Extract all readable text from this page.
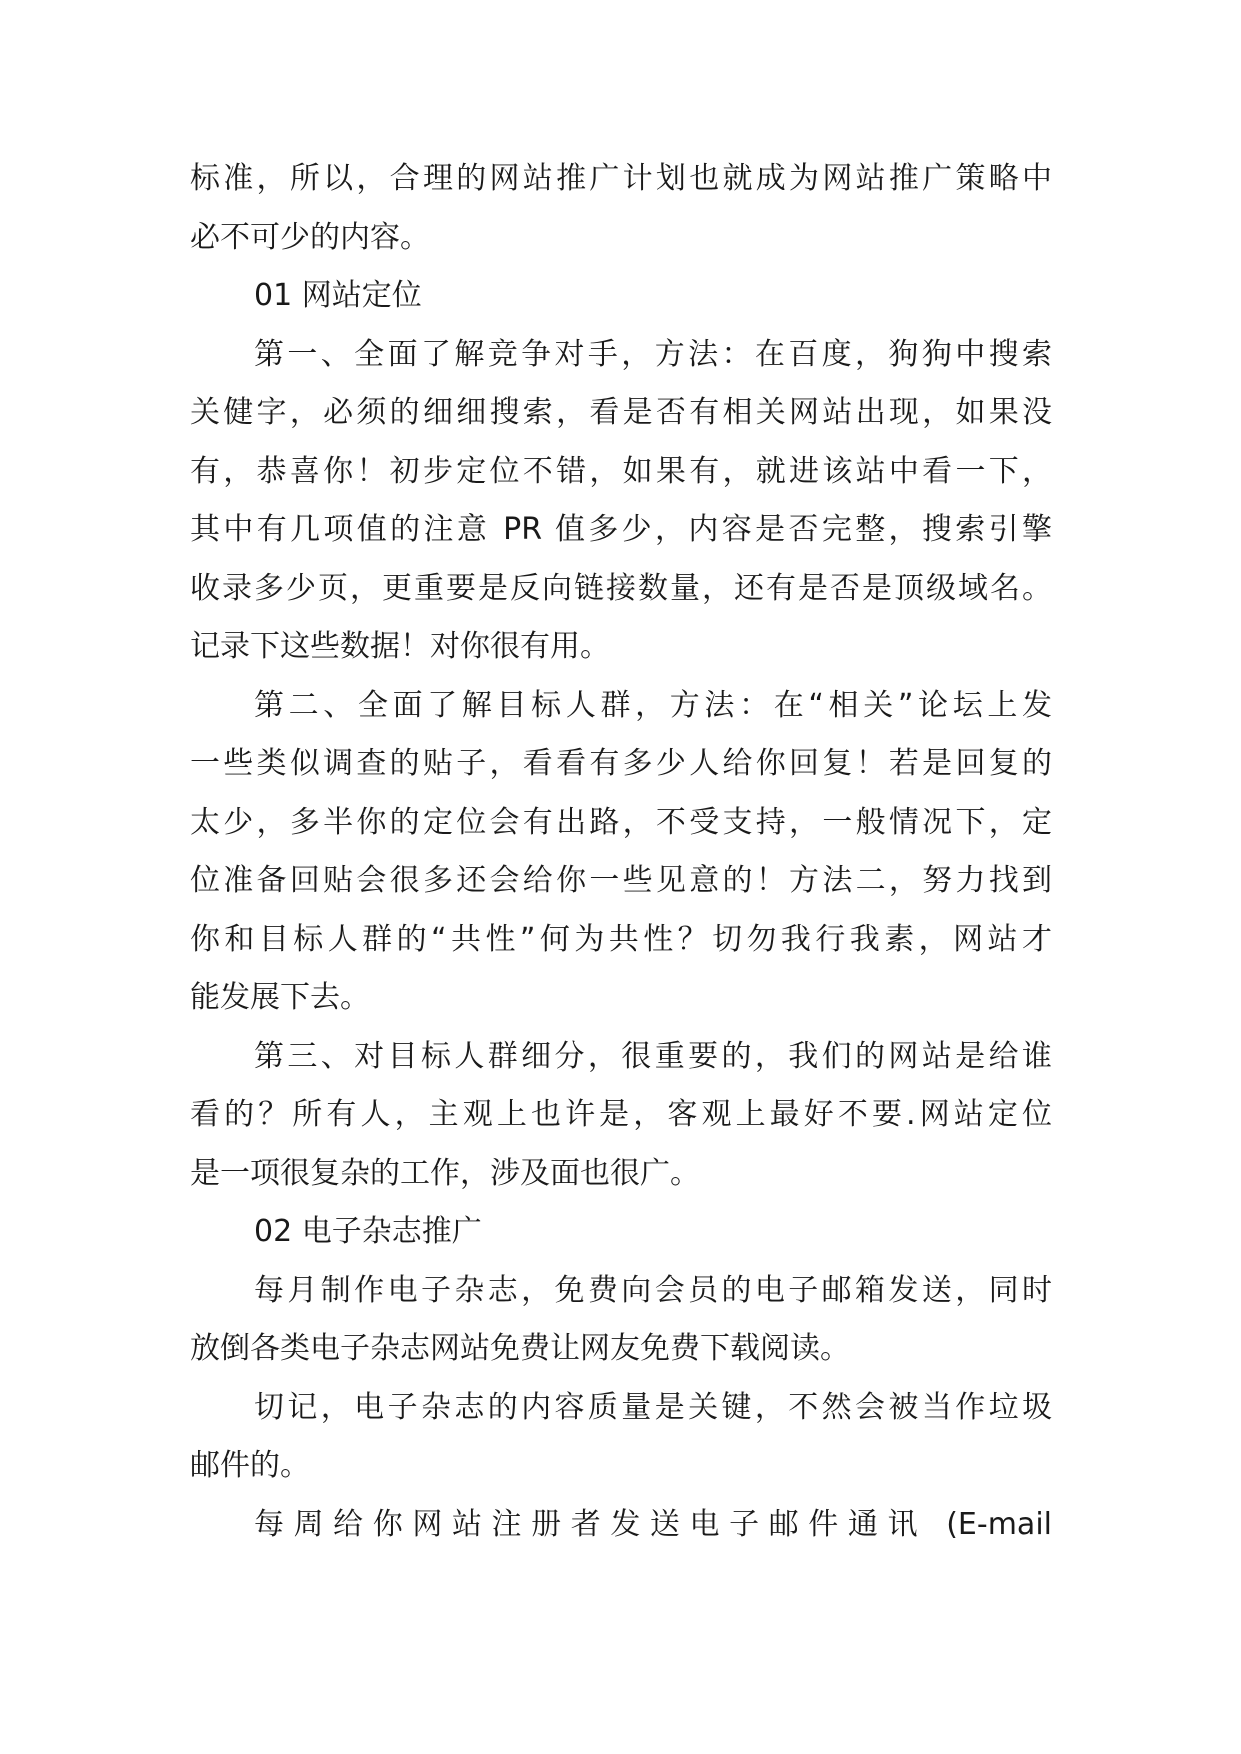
标准，所以，合理的网站推广计划也就成为网站推广策略中
必不可少的内容。
01 网站定位
第一、全面了解竞争对手，方法：在百度，狗狗中搜索
关健字，必须的细细搜索，看是否有相关网站出现，如果没
有，恭喜你！初步定位不错，如果有，就进该站中看一下，
其中有几项值的注意 PR 值多少，内容是否完整，搜索引擎
收录多少页，更重要是反向链接数量，还有是否是顶级域名。
记录下这些数据！对你很有用。
第二、全面了解目标人群，方法：在“相关”论坛上发
一些类似调查的贴子，看看有多少人给你回复！若是回复的
太少，多半你的定位会有出路，不受支持，一般情况下，定
位准备回贴会很多还会给你一些见意的！方法二，努力找到
你和目标人群的“共性”何为共性？切勿我行我素，网站才
能发展下去。
第三、对目标人群细分，很重要的，我们的网站是给谁
看的？所有人，主观上也许是，客观上最好不要.网站定位
是一项很复杂的工作，涉及面也很广。
02 电子杂志推广
每月制作电子杂志，免费向会员的电子邮箱发送，同时
放倒各类电子杂志网站免费让网友免费下载阅读。
切记，电子杂志的内容质量是关键，不然会被当作垃圾
邮件的。
每周给你网站注册者发送电子邮件通讯 (E-mail
